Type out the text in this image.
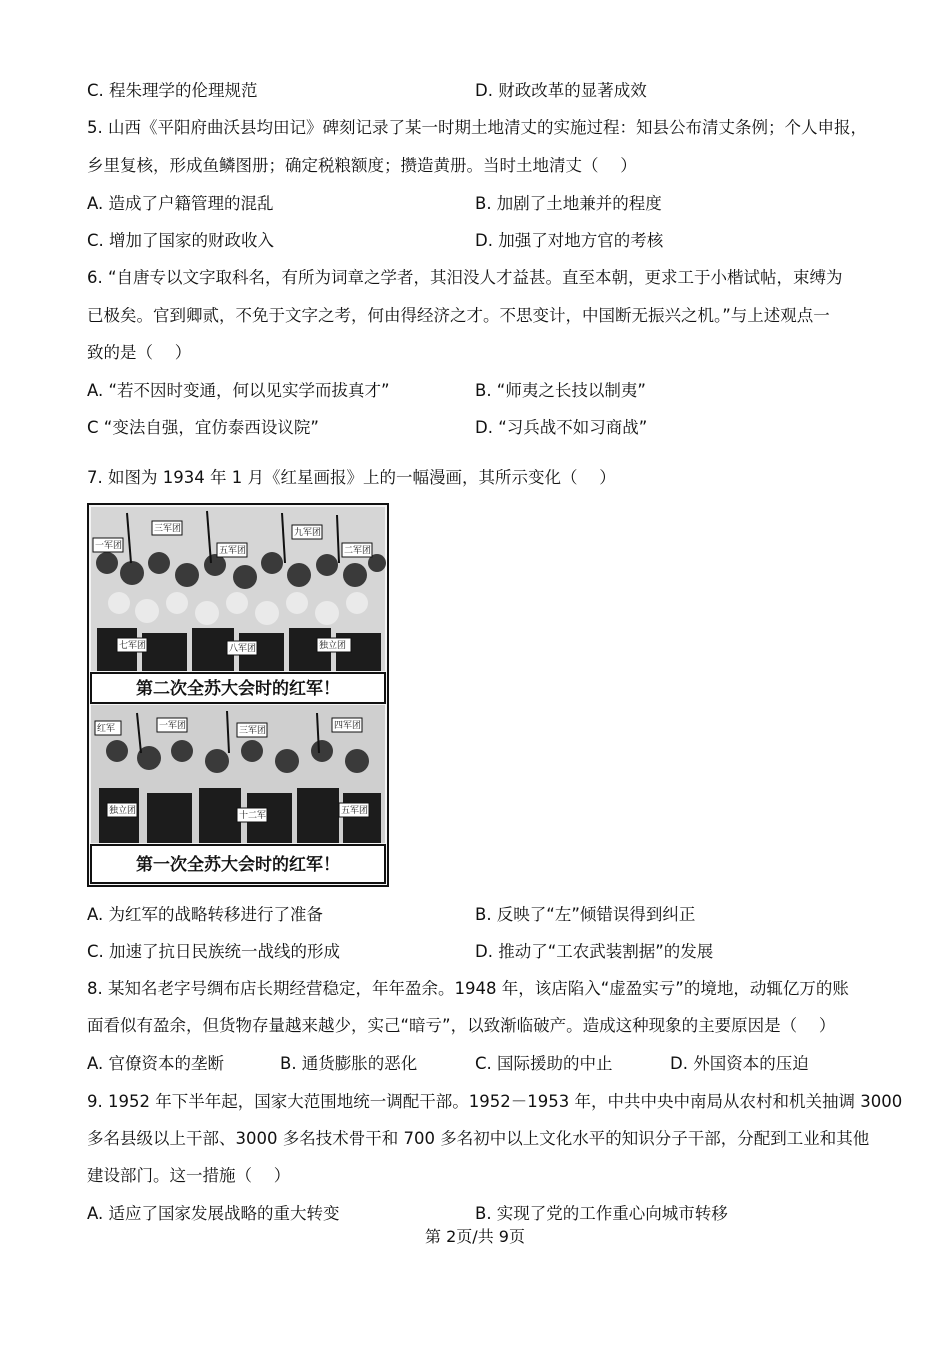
C. 程朱理学的伦理规范	D. 财政改革的显著成效
5. 山西《平阳府曲沃县均田记》碑刻记录了某一时期土地清丈的实施过程：知县公布清丈条例；个人申报，
乡里复核，形成鱼鳞图册；确定税粮额度；攒造黄册。当时土地清丈（　 ）
A. 造成了户籍管理的混乱	B. 加剧了土地兼并的程度
C. 增加了国家的财政收入	D. 加强了对地方官的考核
6. “自唐专以文字取科名，有所为词章之学者，其汨没人才益甚。直至本朝，更求工于小楷试帖，束缚为
已极矣。官到卿贰，不免于文字之考，何由得经济之才。不思变计，中国断无振兴之机。”与上述观点一
致的是（　 ）
A. “若不因时变通，何以见实学而拔真才”	B. “师夷之长技以制夷”
C “变法自强，宜仿泰西设议院”	D. “习兵战不如习商战”
7. 如图为 1934 年 1 月《红星画报》上的一幅漫画，其所示变化（　 ）
一军团
三军团
五军团
九军团
二军团
七军团	八军团	独立团
第二次全苏大会时的红军！
红军	一军团	三军团	四军团
独立团	十二军	五军团
第一次全苏大会时的红军！
A. 为红军的战略转移进行了准备	B. 反映了“左”倾错误得到纠正
C. 加速了抗日民族统一战线的形成	D. 推动了“工农武装割据”的发展
8. 某知名老字号绸布店长期经营稳定，年年盈余。1948 年，该店陷入“虚盈实亏”的境地，动辄亿万的账
面看似有盈余，但货物存量越来越少，实己“暗亏”，以致渐临破产。造成这种现象的主要原因是（　 ）
A. 官僚资本的垄断	B. 通货膨胀的恶化	C. 国际援助的中止	D. 外国资本的压迫
9. 1952 年下半年起，国家大范围地统一调配干部。1952－1953 年，中共中央中南局从农村和机关抽调 3000
多名县级以上干部、3000 多名技术骨干和 700 多名初中以上文化水平的知识分子干部，分配到工业和其他
建设部门。这一措施（　 ）
A. 适应了国家发展战略的重大转变	B. 实现了党的工作重心向城市转移
第 2页/共 9页
